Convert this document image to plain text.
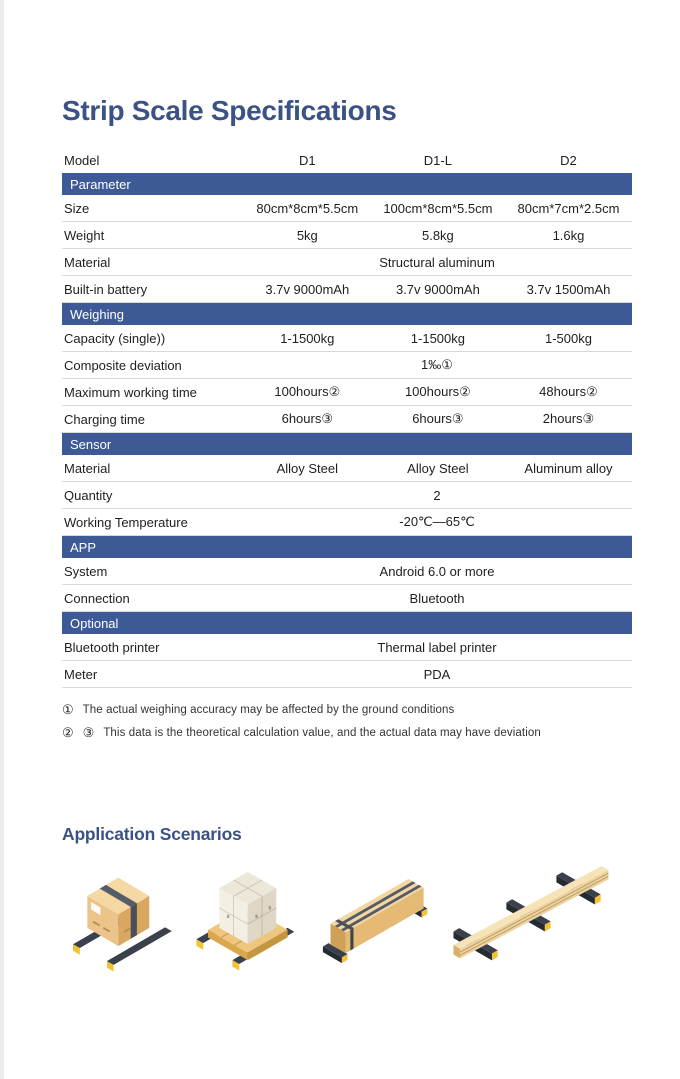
Strip Scale Specifications
Model	D1	D1-L	D2
Parameter
Size	80cm*8cm*5.5cm	100cm*8cm*5.5cm	80cm*7cm*2.5cm
Weight	5kg	5.8kg	1.6kg
Material	Structural aluminum
Built-in battery	3.7v 9000mAh	3.7v 9000mAh	3.7v 1500mAh
Weighing
Capacity (single))	1-1500kg	1-1500kg	1-500kg
Composite deviation	1‰①
Maximum working time	100hours②	100hours②	48hours②
Charging time	6hours③	6hours③	2hours③
Sensor
Material	Alloy Steel	Alloy Steel	Aluminum alloy
Quantity	2
Working Temperature	-20℃—65℃
APP
System	Android 6.0 or more
Connection	Bluetooth
Optional
Bluetooth printer	Thermal label printer
Meter	PDA
① The actual weighing accuracy may be affected by the ground conditions
② ③ This data is the theoretical calculation value, and the actual data may have deviation
Application Scenarios
